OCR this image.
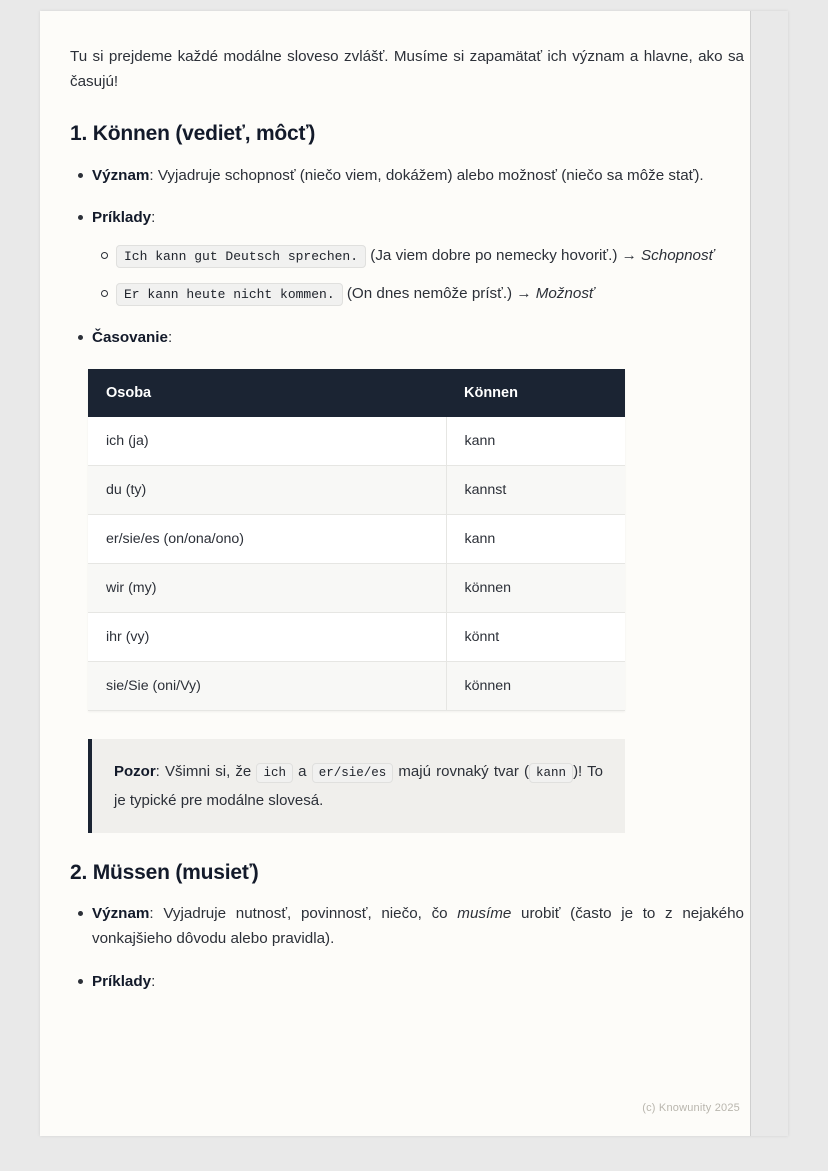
Tu si prejdeme každé modálne sloveso zvlášť. Musíme si zapamätať ich význam a hlavne, ako sa časujú!

1. Können (vedieť, môcť)
Význam: Vyjadruje schopnosť (niečo viem, dokážem) alebo možnosť (niečo sa môže stať).
Príklady:
Ich kann gut Deutsch sprechen. (Ja viem dobre po nemecky hovoriť.) → Schopnosť
Er kann heute nicht kommen. (On dnes nemôže prísť.) → Možnosť
Časovanie:
Osoba	Können
ich (ja)	kann
du (ty)	kannst
er/sie/es (on/ona/ono)	kann
wir (my)	können
ihr (vy)	könnt
sie/Sie (oni/Vy)	können
Pozor: Všimni si, že ich a er/sie/es majú rovnaký tvar ( kann )! To je typické pre modálne slovesá.
2. Müssen (musieť)
Význam: Vyjadruje nutnosť, povinnosť, niečo, čo musíme urobiť (často je to z nejakého vonkajšieho dôvodu alebo pravidla).
Príklady:
(c) Knowunity 2025
